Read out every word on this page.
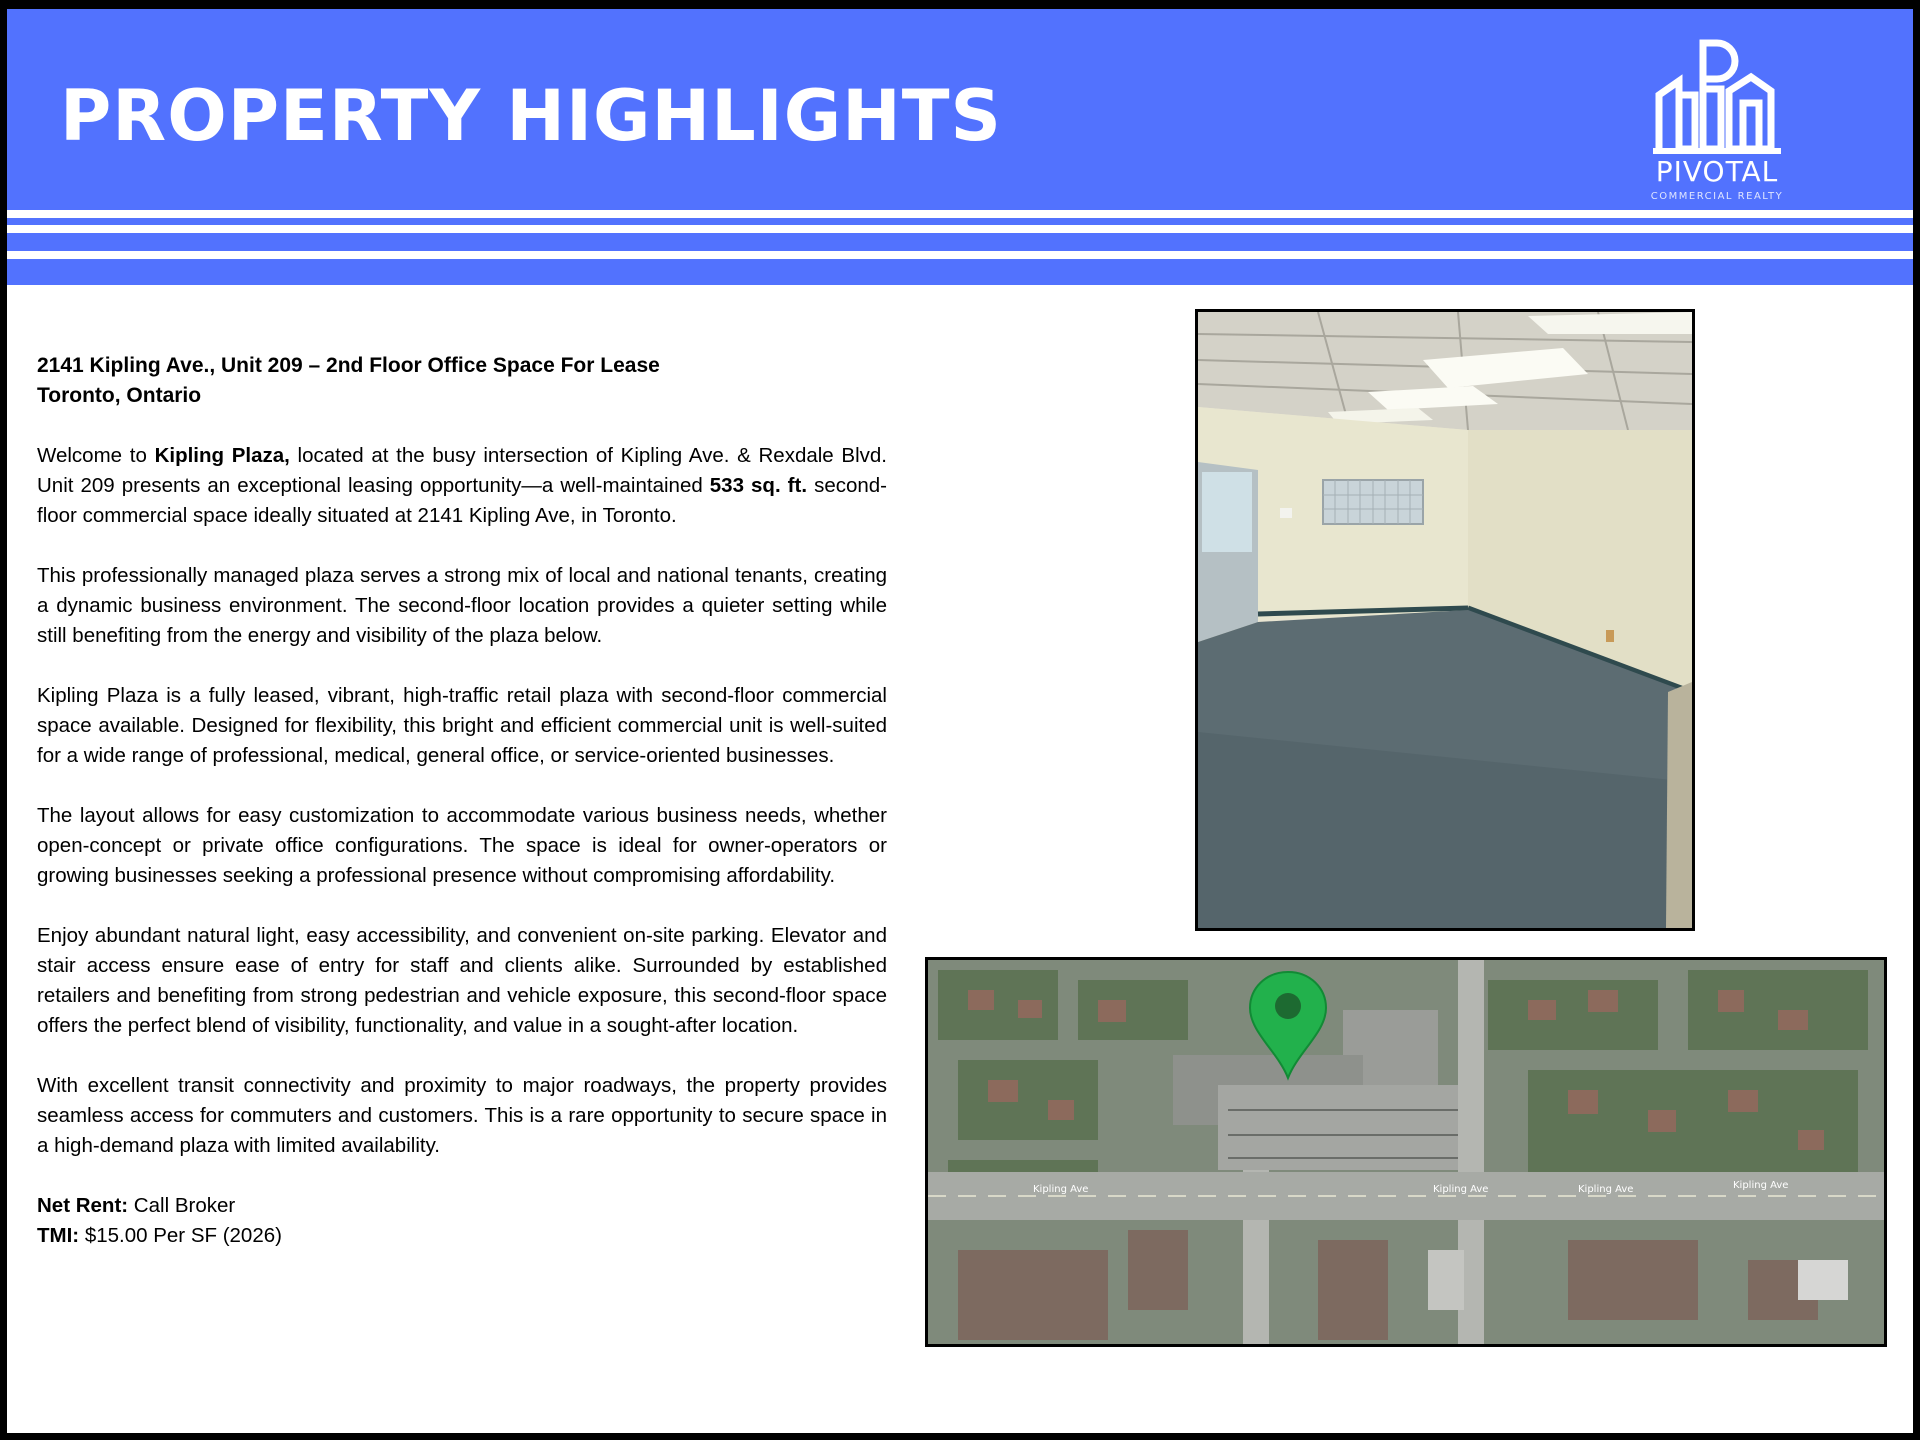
PROPERTY HIGHLIGHTS
PIVOTAL
COMMERCIAL REALTY

2141 Kipling Ave., Unit 209 – 2nd Floor Office Space For Lease

Toronto, Ontario

Welcome to Kipling Plaza, located at the busy intersection of Kipling Ave. & Rexdale Blvd. Unit 209 presents an exceptional leasing opportunity—a well-maintained 533 sq. ft. second-floor commercial space ideally situated at 2141 Kipling Ave, in Toronto.

This professionally managed plaza serves a strong mix of local and national tenants, creating a dynamic business environment. The second-floor location provides a quieter setting while still benefiting from the energy and visibility of the plaza below.

Kipling Plaza is a fully leased, vibrant, high-traffic retail plaza with second-floor commercial space available. Designed for flexibility, this bright and efficient commercial unit is well-suited for a wide range of professional, medical, general office, or service-oriented businesses.

The layout allows for easy customization to accommodate various business needs, whether open-concept or private office configurations. The space is ideal for owner-operators or growing businesses seeking a professional presence without compromising affordability.

Enjoy abundant natural light, easy accessibility, and convenient on-site parking. Elevator and stair access ensure ease of entry for staff and clients alike. Surrounded by established retailers and benefiting from strong pedestrian and vehicle exposure, this second-floor space offers the perfect blend of visibility, functionality, and value in a sought-after location.

With excellent transit connectivity and proximity to major roadways, the property provides seamless access for commuters and customers. This is a rare opportunity to secure space in a high-demand plaza with limited availability.

Net Rent: Call Broker

TMI: $15.00 Per SF (2026)

Kipling Ave	Kipling Ave	Kipling Ave	Kipling Ave
